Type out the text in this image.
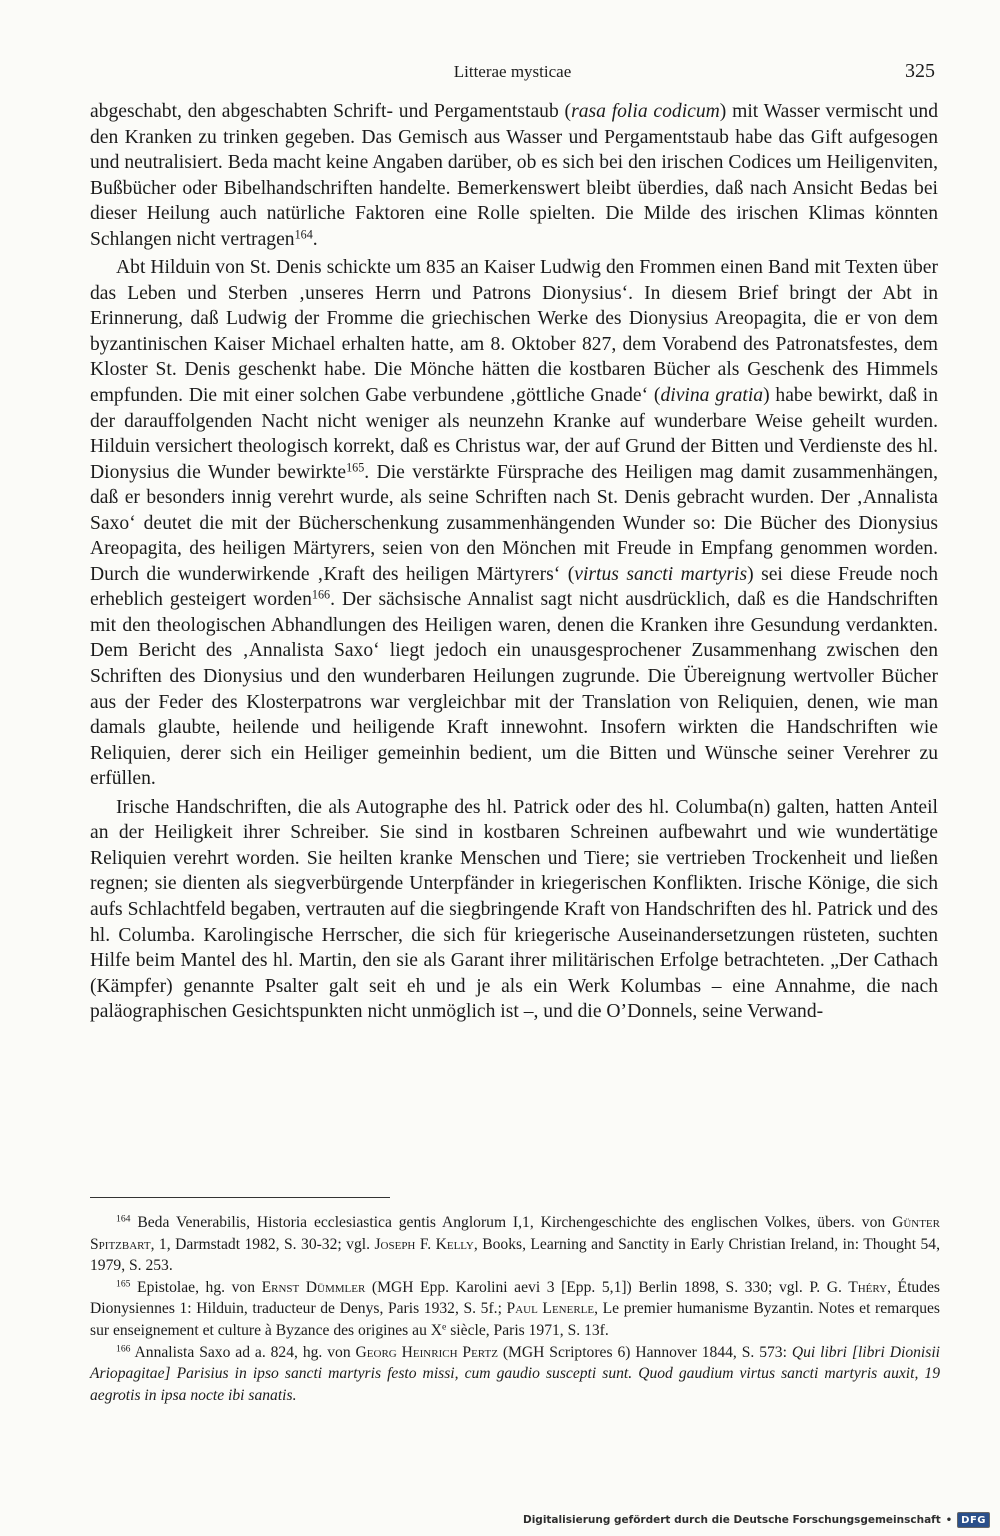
Litterae mysticae	325

abgeschabt, den abgeschabten Schrift- und Pergamentstaub (rasa folia codicum) mit Wasser vermischt und den Kranken zu trinken gegeben. Das Gemisch aus Wasser und Pergamentstaub habe das Gift aufgesogen und neutralisiert. Beda macht keine Angaben darüber, ob es sich bei den irischen Codices um Heiligenviten, Bußbücher oder Bibelhandschriften handelte. Bemerkenswert bleibt überdies, daß nach Ansicht Bedas bei dieser Heilung auch natürliche Faktoren eine Rolle spielten. Die Milde des irischen Klimas könnten Schlangen nicht vertragen$^{164}$.

Abt Hilduin von St. Denis schickte um 835 an Kaiser Ludwig den Frommen einen Band mit Texten über das Leben und Sterben ‚unseres Herrn und Patrons Dionysius‘. In diesem Brief bringt der Abt in Erinnerung, daß Ludwig der Fromme die griechischen Werke des Dionysius Areopagita, die er von dem byzantinischen Kaiser Michael erhalten hatte, am 8. Oktober 827, dem Vorabend des Patronatsfestes, dem Kloster St. Denis geschenkt habe. Die Mönche hätten die kostbaren Bücher als Geschenk des Himmels empfunden. Die mit einer solchen Gabe verbundene ‚göttliche Gnade‘ (divina gratia) habe bewirkt, daß in der darauffolgenden Nacht nicht weniger als neunzehn Kranke auf wunderbare Weise geheilt wurden. Hilduin versichert theologisch korrekt, daß es Christus war, der auf Grund der Bitten und Verdienste des hl. Dionysius die Wunder bewirkte$^{165}$. Die verstärkte Fürsprache des Heiligen mag damit zusammenhängen, daß er besonders innig verehrt wurde, als seine Schriften nach St. Denis gebracht wurden. Der ‚Annalista Saxo‘ deutet die mit der Bücherschenkung zusammenhängenden Wunder so: Die Bücher des Dionysius Areopagita, des heiligen Märtyrers, seien von den Mönchen mit Freude in Empfang genommen worden. Durch die wunderwirkende ‚Kraft des heiligen Märtyrers‘ (virtus sancti martyris) sei diese Freude noch erheblich gesteigert worden$^{166}$. Der sächsische Annalist sagt nicht ausdrücklich, daß es die Handschriften mit den theologischen Abhandlungen des Heiligen waren, denen die Kranken ihre Gesundung verdankten. Dem Bericht des ‚Annalista Saxo‘ liegt jedoch ein unausgesprochener Zusammenhang zwischen den Schriften des Dionysius und den wunderbaren Heilungen zugrunde. Die Übereignung wertvoller Bücher aus der Feder des Klosterpatrons war vergleichbar mit der Translation von Reliquien, denen, wie man damals glaubte, heilende und heiligende Kraft innewohnt. Insofern wirkten die Handschriften wie Reliquien, derer sich ein Heiliger gemeinhin bedient, um die Bitten und Wünsche seiner Verehrer zu erfüllen.

Irische Handschriften, die als Autographe des hl. Patrick oder des hl. Columba(n) galten, hatten Anteil an der Heiligkeit ihrer Schreiber. Sie sind in kostbaren Schreinen aufbewahrt und wie wundertätige Reliquien verehrt worden. Sie heilten kranke Menschen und Tiere; sie vertrieben Trockenheit und ließen regnen; sie dienten als siegverbürgende Unterpfänder in kriegerischen Konflikten. Irische Könige, die sich aufs Schlachtfeld begaben, vertrauten auf die siegbringende Kraft von Handschriften des hl. Patrick und des hl. Columba. Karolingische Herrscher, die sich für kriegerische Auseinandersetzungen rüsteten, suchten Hilfe beim Mantel des hl. Martin, den sie als Garant ihrer militärischen Erfolge betrachteten. „Der Cathach (Kämpfer) genannte Psalter galt seit eh und je als ein Werk Kolumbas – eine Annahme, die nach paläographischen Gesichtspunkten nicht unmöglich ist –, und die O’Donnels, seine Verwand-

$^{164}$ Beda Venerabilis, Historia ecclesiastica gentis Anglorum I,1, Kirchengeschichte des englischen Volkes, übers. von Günter Spitzbart, 1, Darmstadt 1982, S. 30-32; vgl. Joseph F. Kelly, Books, Learning and Sanctity in Early Christian Ireland, in: Thought 54, 1979, S. 253.

$^{165}$ Epistolae, hg. von Ernst Dümmler (MGH Epp. Karolini aevi 3 [Epp. 5,1]) Berlin 1898, S. 330; vgl. P. G. Théry, Études Dionysiennes 1: Hilduin, traducteur de Denys, Paris 1932, S. 5f.; Paul Lenerle, Le premier humanisme Byzantin. Notes et remarques sur enseignement et culture à Byzance des origines au Xe siècle, Paris 1971, S. 13f.

$^{166}$ Annalista Saxo ad a. 824, hg. von Georg Heinrich Pertz (MGH Scriptores 6) Hannover 1844, S. 573: Qui libri [libri Dionisii Ariopagitae] Parisius in ipso sancti martyris festo missi, cum gaudio suscepti sunt. Quod gaudium virtus sancti martyris auxit, 19 aegrotis in ipsa nocte ibi sanatis.

Digitalisierung gefördert durch die Deutsche Forschungsgemeinschaft • DFG
